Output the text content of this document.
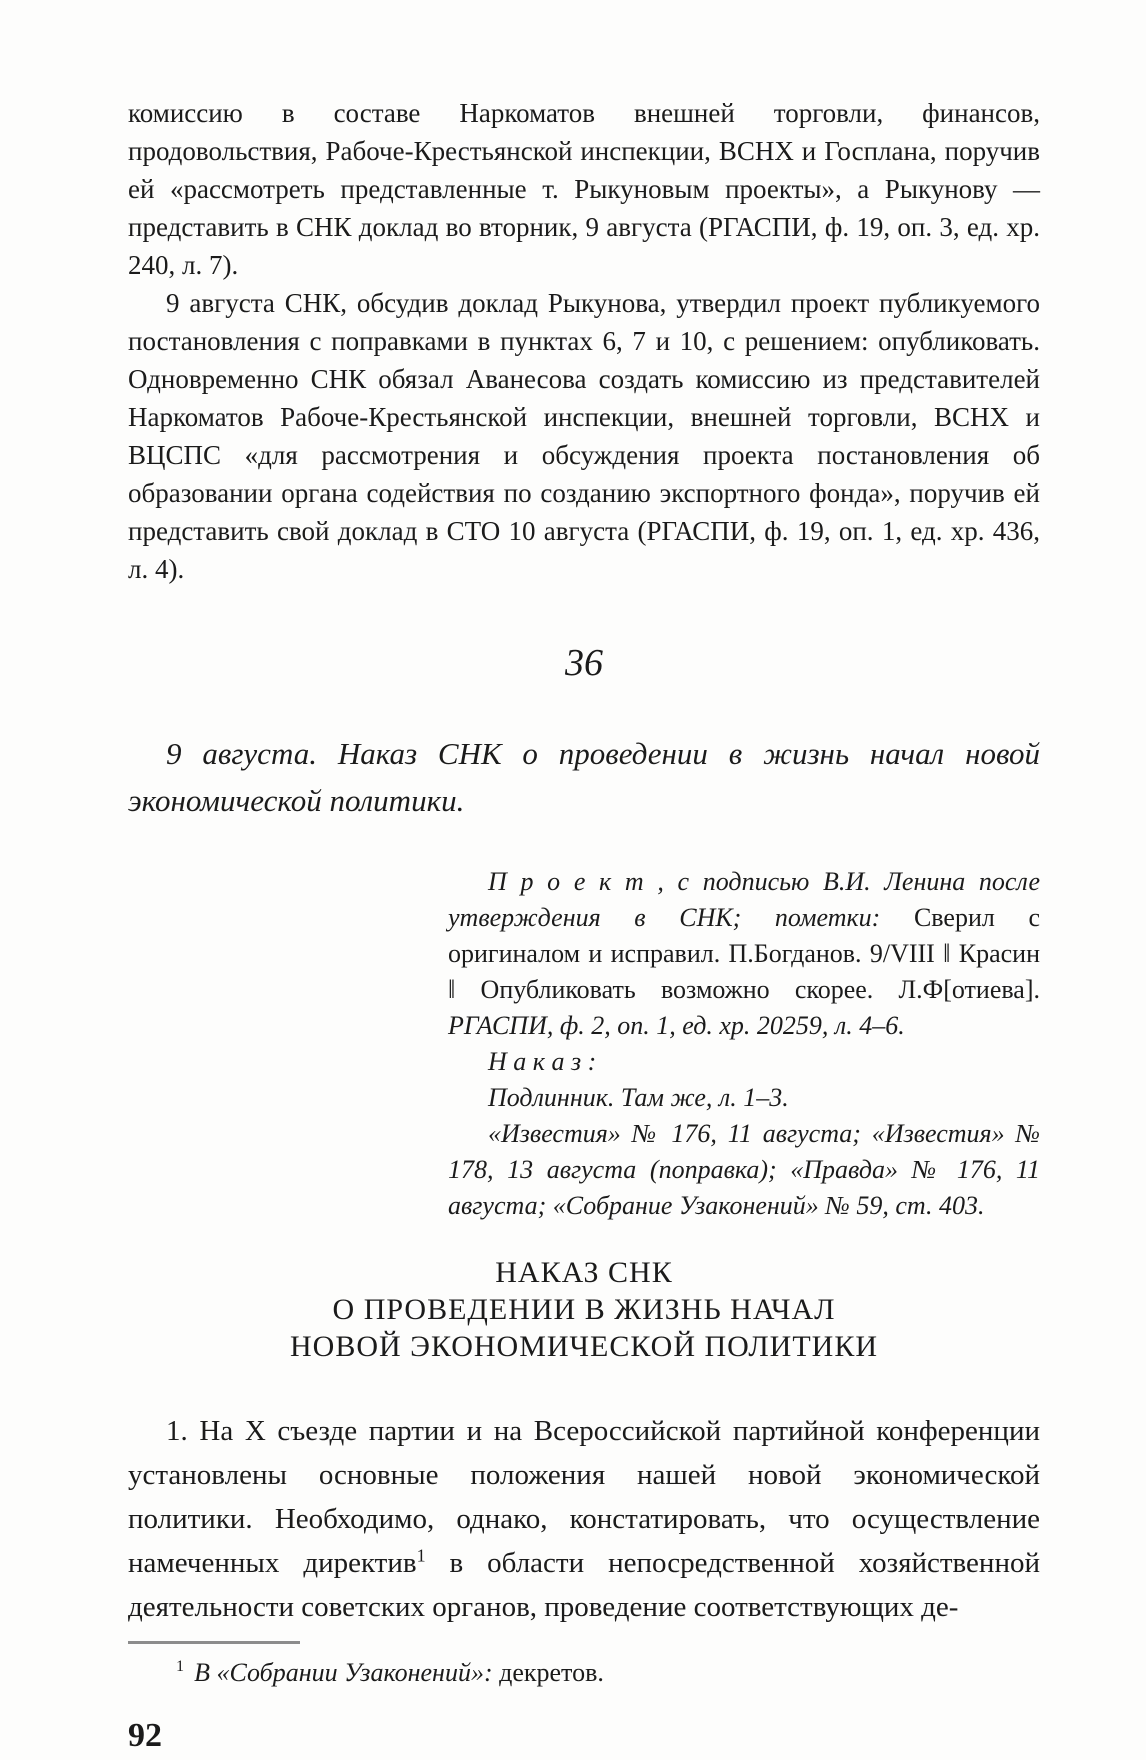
комиссию в составе Наркоматов внешней торговли, финансов, продовольствия, Рабоче-Крестьянской инспекции, ВСНХ и Госплана, поручив ей «рассмотреть представленные т. Рыкуновым проекты», а Рыкунову — представить в СНК доклад во вторник, 9 августа (РГАСПИ, ф. 19, оп. 3, ед. хр. 240, л. 7).

9 августа СНК, обсудив доклад Рыкунова, утвердил проект публикуемого постановления с поправками в пунктах 6, 7 и 10, с решением: опубликовать. Одновременно СНК обязал Аванесова создать комиссию из представителей Наркоматов Рабоче-Крестьянской инспекции, внешней торговли, ВСНХ и ВЦСПС «для рассмотрения и обсуждения проекта постановления об образовании органа содействия по созданию экспортного фонда», поручив ей представить свой доклад в СТО 10 августа (РГАСПИ, ф. 19, оп. 1, ед. хр. 436, л. 4).

36

9 августа. Наказ СНК о проведении в жизнь начал новой экономической политики.

П р о е к т , с подписью В.И. Ленина после утверждения в СНК; пометки: Сверил с оригиналом и исправил. П.Богданов. 9/VIII ‖ Красин ‖ Опубликовать возможно скорее. Л.Ф[отиева]. РГАСПИ, ф. 2, оп. 1, ед. хр. 20259, л. 4–6.

Н а к а з :

Подлинник. Там же, л. 1–3.

«Известия» № 176, 11 августа; «Известия» № 178, 13 августа (поправка); «Правда» № 176, 11 августа; «Собрание Узаконений» № 59, ст. 403.

НАКАЗ СНК
О ПРОВЕДЕНИИ В ЖИЗНЬ НАЧАЛ
НОВОЙ ЭКОНОМИЧЕСКОЙ ПОЛИТИКИ

1. На X съезде партии и на Всероссийской партийной конференции установлены основные положения нашей новой экономической политики. Необходимо, однако, констатировать, что осуществление намеченных директив$^1$ в области непосредственной хозяйственной деятельности советских органов, проведение соответствующих де-

$^1$ В «Собрании Узаконений»: декретов.

92
